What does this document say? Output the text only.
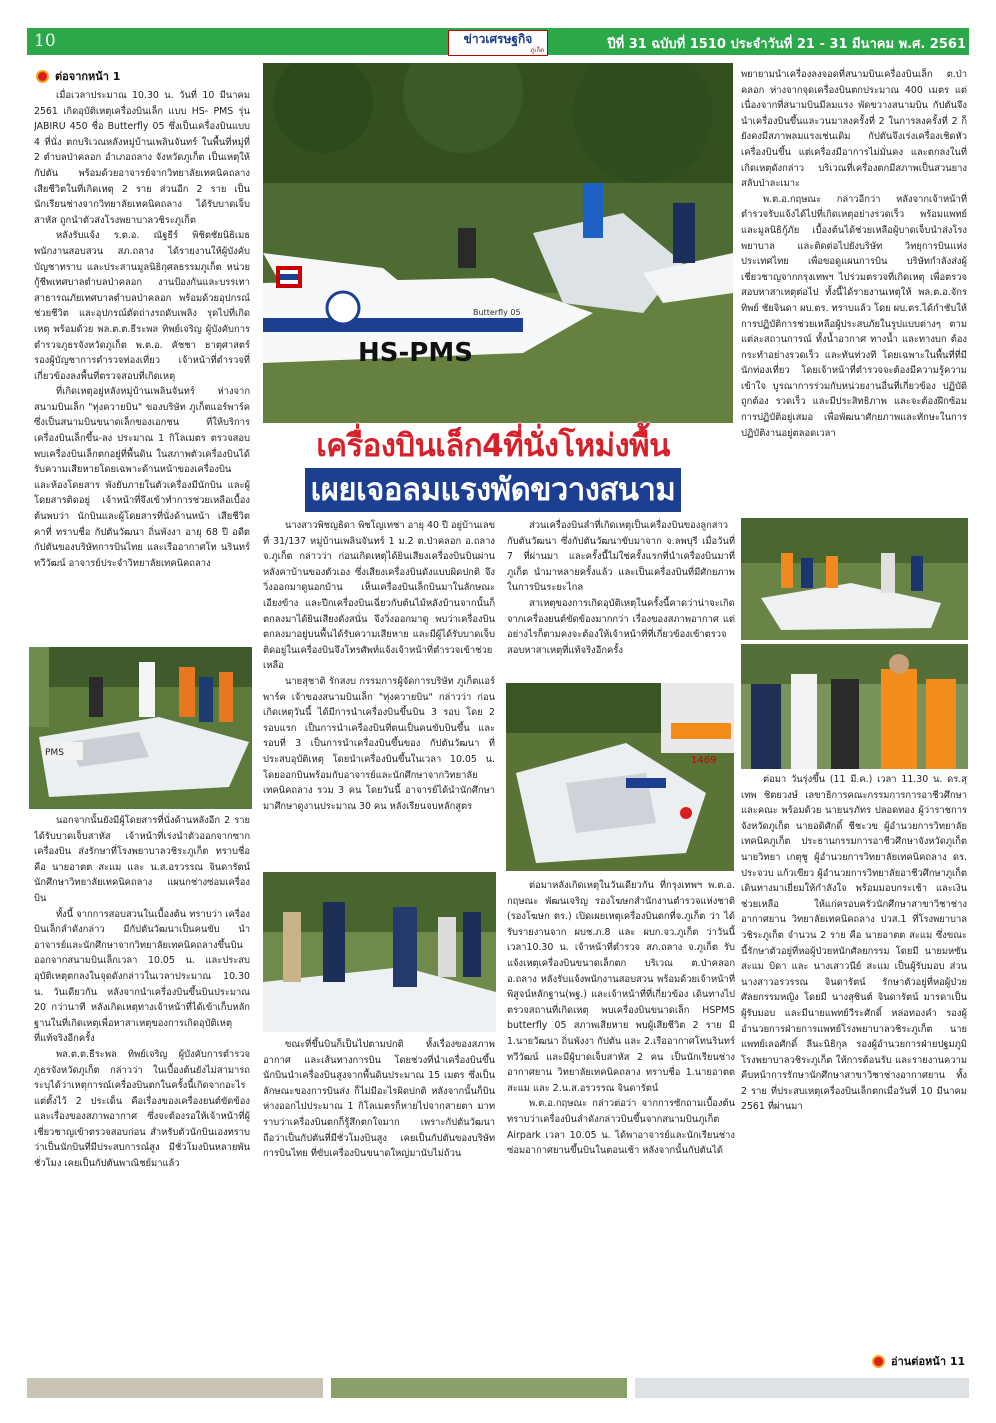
10	ข่าวเศรษฐกิจ
ภูเก็ต	ปีที่ 31 ฉบับที่ 1510 ประจำวันที่ 21 - 31 มีนาคม พ.ศ. 2561
ต่อจากหน้า 1

เมื่อเวลาประมาณ 10.30 น. วันที่ 10 มีนาคม 2561 เกิดอุบัติเหตุเครื่องบินเล็ก แบบ HS- PMS รุ่น JABIRU 450 ชื่อ Butterfly 05 ซึ่งเป็นเครื่องบินแบบ 4 ที่นั่ง ตกบริเวณหลังหมู่บ้านเพลินจันทร์ ในพื้นที่หมู่ที่ 2 ตำบลป่าคลอก อำเภอถลาง จังหวัดภูเก็ต เป็นเหตุให้กัปตัน พร้อมด้วยอาจารย์จากวิทยาลัยเทคนิคถลาง เสียชีวิตในที่เกิดเหตุ 2 ราย ส่วนอีก 2 ราย เป็นนักเรียนช่างจากวิทยาลัยเทคนิคถลาง ได้รับบาดเจ็บสาหัส ถูกนำตัวส่งโรงพยาบาลวชิระภูเก็ต

หลังรับแจ้ง ร.ต.อ. ณัฐธีร์ พิชิตชัยนิธิเมธ พนักงานสอบสวน สภ.ถลาง ได้รายงานให้ผู้บังคับบัญชาทราบ และประสานมูลนิธิกุศลธรรมภูเก็ต หน่วยกู้ชีพเทศบาลตำบลป่าคลอก งานป้องกันและบรรเทาสาธารณภัยเทศบาลตำบลป่าคลอก พร้อมด้วยอุปกรณ์ช่วยชีวิต และอุปกรณ์ตัดถ่างรถดับเพลิง รุดไปที่เกิดเหตุ พร้อมด้วย พล.ต.ต.ธีระพล ทิพย์เจริญ ผู้บังคับการตำรวจภูธรจังหวัดภูเก็ต พ.ต.อ. คัชชา ธาตุศาสตร์ รองผู้บัญชาการตำรวจท่องเที่ยว เจ้าหน้าที่ตำรวจที่เกี่ยวข้องลงพื้นที่ตรวจสอบที่เกิดเหตุ

ที่เกิดเหตุอยู่หลังหมู่บ้านเพลินจันทร์ ห่างจากสนามบินเล็ก "ทุ่งควายบิน" ของบริษัท ภูเก็ตแอร์พาร์ค ซึ่งเป็นสนามบินขนาดเล็กของเอกชน ที่ให้บริการเครื่องบินเล็กขึ้น-ลง ประมาณ 1 กิโลเมตร ตรวจสอบพบเครื่องบินเล็กตกอยู่ที่พื้นดิน ในสภาพตัวเครื่องบินได้รับความเสียหายโดยเฉพาะด้านหน้าของเครื่องบิน และห้องโดยสาร พังยับภายในตัวเครื่องมีนักบิน และผู้โดยสารติดอยู่ เจ้าหน้าที่จึงเข้าทำการช่วยเหลือเบื้องต้นพบว่า นักบินและผู้โดยสารที่นั่งด้านหน้า เสียชีวิตคาที่ ทราบชื่อ กัปตันวัฒนา ถิ่นพังงา อายุ 68 ปี อดีตกัปตันของบริษัทการบินไทย และเรืออากาศโท นรินทร์ ทวีวัฒน์ อาจารย์ประจำวิทยาลัยเทคนิคถลาง

PMS

นอกจากนั้นยังมีผู้โดยสารที่นั่งด้านหลังอีก 2 รายได้รับบาดเจ็บสาหัส เจ้าหน้าที่เร่งนำตัวออกจากซากเครื่องบิน ส่งรักษาที่โรงพยาบาลวชิระภูเก็ต ทราบชื่อคือ นายอาตต สะแม และ น.ส.อรวรรณ จินดารัตน์ นักศึกษาวิทยาลัยเทคนิคถลาง แผนกช่างซ่อมเครื่องบิน

ทั้งนี้ จากการสอบสวนในเบื้องต้น ทราบว่า เครื่องบินเล็กลำดังกล่าว มีกัปตันวัฒนาเป็นคนขับ นำอาจารย์และนักศึกษาจากวิทยาลัยเทคนิคถลางขึ้นบินออกจากสนามบินเล็กเวลา 10.05 น. และประสบอุบัติเหตุตกลงในจุดดังกล่าวในเวลาประมาณ 10.30 น. วันเดียวกัน หลังจากนำเครื่องบินขึ้นบินประมาณ 20 กว่านาที หลังเกิดเหตุทางเจ้าหน้าที่ได้เข้าเก็บหลักฐานในที่เกิดเหตุเพื่อหาสาเหตุของการเกิดอุบัติเหตุที่แท้จริงอีกครั้ง

พล.ต.ต.ธีระพล ทิพย์เจริญ ผู้บังคับการตำรวจภูธรจังหวัดภูเก็ต กล่าวว่า ในเบื้องต้นยังไม่สามารถระบุได้ว่าเหตุการณ์เครื่องบินตกในครั้งนี้เกิดจากอะไร แต่ตั้งไว้ 2 ประเด็น คือเรื่องของเครื่องยนต์ขัดข้อง และเรื่องของสภาพอากาศ ซึ่งจะต้องรอให้เจ้าหน้าที่ผู้เชี่ยวชาญเข้าตรวจสอบก่อน สำหรับตัวนักบินเองทราบว่าเป็นนักบินที่มีประสบการณ์สูง มีชั่วโมงบินหลายพันชั่วโมง เคยเป็นกัปตันพาณิชย์มาแล้ว

HS-PMS
Butterfly 05
เครื่องบินเล็ก4ที่นั่งโหม่งพื้น
เผยเจอลมแรงพัดขวางสนาม

นางสาวพิชญธิดา พิชโญเทชา อายุ 40 ปี อยู่บ้านเลขที่ 31/137 หมู่บ้านเพลินจันทร์ 1 ม.2 ต.ป่าคลอก อ.ถลาง จ.ภูเก็ต กล่าวว่า ก่อนเกิดเหตุได้ยินเสียงเครื่องบินบินผ่านหลังคาบ้านของตัวเอง ซึ่งเสียงเครื่องบินดังแบบผิดปกติ จึงวิ่งออกมาดูนอกบ้าน เห็นเครื่องบินเล็กบินมาในลักษณะเอียงข้าง และปีกเครื่องบินเฉี่ยวกับต้นไม้หลังบ้านจากนั้นก็ตกลงมาได้ยินเสียงดังสนั่น จึงวิ่งออกมาดู พบว่าเครื่องบินตกลงมาอยู่บนพื้นได้รับความเสียหาย และมีผู้ได้รับบาดเจ็บติดอยู่ในเครื่องบินจึงโทรศัพท์แจ้งเจ้าหน้าที่ตำรวจเข้าช่วยเหลือ

นายสุชาติ รักสงบ กรรมการผู้จัดการบริษัท ภูเก็ตแอร์พาร์ค เจ้าของสนามบินเล็ก "ทุ่งควายบิน" กล่าวว่า ก่อนเกิดเหตุวันนี้ ได้มีการนำเครื่องบินขึ้นบิน 3 รอบ โดย 2 รอบแรก เป็นการนำเครื่องบินที่ตนเป็นคนขับบินขึ้น และรอบที่ 3 เป็นการนำเครื่องบินขึ้นของ กัปตันวัฒนา ที่ประสบอุบัติเหตุ โดยนำเครื่องบินขึ้นในเวลา 10.05 น. โดยออกบินพร้อมกับอาจารย์และนักศึกษาจากวิทยาลัยเทคนิคถลาง รวม 3 คน โดยวันนี้ อาจารย์ได้นำนักศึกษามาศึกษาดูงานประมาณ 30 คน หลังเรียนจบหลักสูตร

ขณะที่ขึ้นบินก็เป็นไปตามปกติ ทั้งเรื่องของสภาพอากาศ และเส้นทางการบิน โดยช่วงที่นำเครื่องบินขึ้นนักบินนำเครื่องบินสูงจากพื้นดินประมาณ 15 เมตร ซึ่งเป็นลักษณะของการบินส่ง ก็ไม่มีอะไรผิดปกติ หลังจากนั้นก็บินห่างออกไปประมาณ 1 กิโลเมตรก็หายไปจากสายตา มาทราบว่าเครื่องบินตกก็รู้สึกตกใจมาก เพราะกัปตันวัฒนา ถือว่าเป็นกัปตันที่มีชั่วโมงบินสูง เคยเป็นกัปตันของบริษัทการบินไทย ที่ขับเครื่องบินขนาดใหญ่มานับไม่ถ้วน

ส่วนเครื่องบินลำที่เกิดเหตุเป็นเครื่องบินของลูกสาวกับตันวัฒนา ซึ่งกัปตันวัฒนาขับมาจาก จ.ลพบุรี เมื่อวันที่ 7 ที่ผ่านมา และครั้งนี้ไม่ใช่ครั้งแรกที่นำเครื่องบินมาที่ภูเก็ต นำมาหลายครั้งแล้ว และเป็นเครื่องบินที่มีศักยภาพในการบินระยะไกล

สาเหตุของการเกิดอุบัติเหตุในครั้งนี้คาดว่าน่าจะเกิดจากเครื่องยนต์ขัดข้องมากกว่า เรื่องของสภาพอากาศ แต่อย่างไรก็ตามคงจะต้องให้เจ้าหน้าที่ที่เกี่ยวข้องเข้าตรวจสอบหาสาเหตุที่แท้จริงอีกครั้ง

1469

ต่อมาหลังเกิดเหตุในวันเดียวกัน ที่กรุงเทพฯ พ.ต.อ. กฤษณะ พัฒนเจริญ รองโฆษกสำนักงานตำรวจแห่งชาติ (รองโฆษก ตร.) เปิดเผยเหตุเครื่องบินตกที่จ.ภูเก็ต ว่า ได้รับรายงานจาก ผบช.ภ.8 และ ผบก.จว.ภูเก็ต ว่าวันนี้ เวลา10.30 น. เจ้าหน้าที่ตำรวจ สภ.ถลาง จ.ภูเก็ต รับแจ้งเหตุเครื่องบินขนาดเล็กตก บริเวณ ต.ป่าคลอก อ.ถลาง หลังรับแจ้งพนักงานสอบสวน พร้อมด้วยเจ้าหน้าที่พิสูจน์หลักฐาน(พฐ.) และเจ้าหน้าที่ที่เกี่ยวข้อง เดินทางไปตรวจสถานที่เกิดเหตุ พบเครื่องบินขนาดเล็ก HSPMS butterfly 05 สภาพเสียหาย พบผู้เสียชีวิต 2 ราย มี 1.นายวัฒนา ถิ่นพังงา กัปตัน และ 2.เรืออากาศโทนรินทร์ ทวีวัฒน์ และมีผู้บาดเจ็บสาหัส 2 คน เป็นนักเรียนช่างอากาศยาน วิทยาลัยเทคนิคถลาง ทราบชื่อ 1.นายอาตต สะแม และ 2.น.ส.อรวรรณ จินดารัตน์

พ.ต.อ.กฤษณะ กล่าวต่อว่า จากการซักถามเบื้องต้น ทราบว่าเครื่องบินลำดังกล่าวบินขึ้นจากสนามบินภูเก็ต Airpark เวลา 10.05 น. ได้พาอาจารย์และนักเรียนช่างซ่อมอากาศยานขึ้นบินในตอนเช้า หลังจากนั้นกัปตันได้

พยายามนำเครื่องลงจอดที่สนามบินเครื่องบินเล็ก ต.ป่าคลอก ห่างจากจุดเครื่องบินตกประมาณ 400 เมตร แต่เนื่องจากที่สนามบินมีลมแรง พัดขวางสนามบิน กัปตันจึงนำเครื่องบินขึ้นและวนมาลงครั้งที่ 2 ในการลงครั้งที่ 2 ก็ยังคงมีสภาพลมแรงเช่นเดิม กัปตันจึงเร่งเครื่องเชิดหัวเครื่องบินขึ้น แต่เครื่องมีอาการไม่มั่นคง และตกลงในที่เกิดเหตุดังกล่าว บริเวณที่เครื่องตกมีสภาพเป็นสวนยาง สลับป่าละเมาะ

พ.ต.อ.กฤษณะ กล่าวอีกว่า หลังจากเจ้าหน้าที่ตำรวจรับแจ้งได้ไปที่เกิดเหตุอย่างรวดเร็ว พร้อมแพทย์ และมูลนิธิกู้ภัย เบื้องต้นได้ช่วยเหลือผู้บาดเจ็บนำส่งโรงพยาบาล และติดต่อไปยังบริษัท วิทยุการบินแห่งประเทศไทย เพื่อขอดูแผนการบิน บริษัทกำลังส่งผู้เชี่ยวชาญจากกรุงเทพฯ ไปร่วมตรวจที่เกิดเหตุ เพื่อตรวจสอบหาสาเหตุต่อไป ทั้งนี้ได้รายงานเหตุให้ พล.ต.อ.จักรทิพย์ ชัยจินดา ผบ.ตร. ทราบแล้ว โดย ผบ.ตร.ได้กำชับให้ การปฏิบัติการช่วยเหลือผู้ประสบภัยในรูปแบบต่างๆ ตามแต่ละสถานการณ์ ทั้งน้ำอากาศ ทางน้ำ และทางบก ต้องกระทำอย่างรวดเร็ว และทันท่วงที โดยเฉพาะในพื้นที่ที่มีนักท่องเที่ยว โดยเจ้าหน้าที่ตำรวจจะต้องมีความรู้ความเข้าใจ บูรณาการร่วมกับหน่วยงานอื่นที่เกี่ยวข้อง ปฏิบัติถูกต้อง รวดเร็ว และมีประสิทธิภาพ และจะต้องฝึกซ้อมการปฏิบัติอยู่เสมอ เพื่อพัฒนาศักยภาพและทักษะในการปฏิบัติงานอยู่ตลอดเวลา

ต่อมา วันรุ่งขึ้น (11 มี.ค.) เวลา 11.30 น. ดร.สุเทพ ชิตยวงษ์ เลขาธิการคณะกรรมการการอาชีวศึกษา และคณะ พร้อมด้วย นายนรภัทร ปลอดทอง ผู้ว่าราชการจังหวัดภูเก็ต นายอดิศักดิ์ ชีชะวข ผู้อำนวยการวิทยาลัยเทคนิคภูเก็ต ประธานกรรมการอาชีวศึกษาจังหวัดภูเก็ต นายวิทยา เกตุชู ผู้อำนวยการวิทยาลัยเทคนิคถลาง ดร. ประจวบ แก้วเขียว ผู้อำนวยการวิทยาลัยอาชีวศึกษาภูเก็ต เดินทางมาเยี่ยมให้กำลังใจ พร้อมมอบกระเช้า และเงินช่วยเหลือ ให้แก่ครอบครัวนักศึกษาสาขาวิชาช่างอากาศยาน วิทยาลัยเทคนิคถลาง ปวส.1 ที่โรงพยาบาลวชิระภูเก็ต จำนวน 2 ราย คือ นายอาตต สะแม ซึ่งขณะนี้รักษาตัวอยู่ที่หอผู้ป่วยหนักศัลยกรรม โดยมี นายมหซัน สะแม บิดา และ นางเสาวนีย์ สะแม เป็นผู้รับมอบ ส่วนนางสาวอรวรรณ จินดารัตน์ รักษาตัวอยู่ที่หอผู้ป่วยศัลยกรรมหญิง โดยมี นางสุชินต์ จินดารัตน์ มารดาเป็นผู้รับมอบ และมีนายแพทย์วีระศักดิ์ หล่อทองคำ รองผู้อำนวยการฝ่ายการแพทย์โรงพยาบาลวชิระภูเก็ต นายแพทย์เลอศักดิ์ ลีนะนิธิกุล รองผู้อำนวยการฝ่ายปฐมภูมิโรงพยาบาลวชิระภูเก็ต ให้การต้อนรับ และรายงานความคืบหน้าการรักษานักศึกษาสาขาวิชาช่างอากาศยาน ทั้ง 2 ราย ที่ประสบเหตุเครื่องบินเล็กตกเมื่อวันที่ 10 มีนาคม 2561 ที่ผ่านมา

อ่านต่อหน้า 11
